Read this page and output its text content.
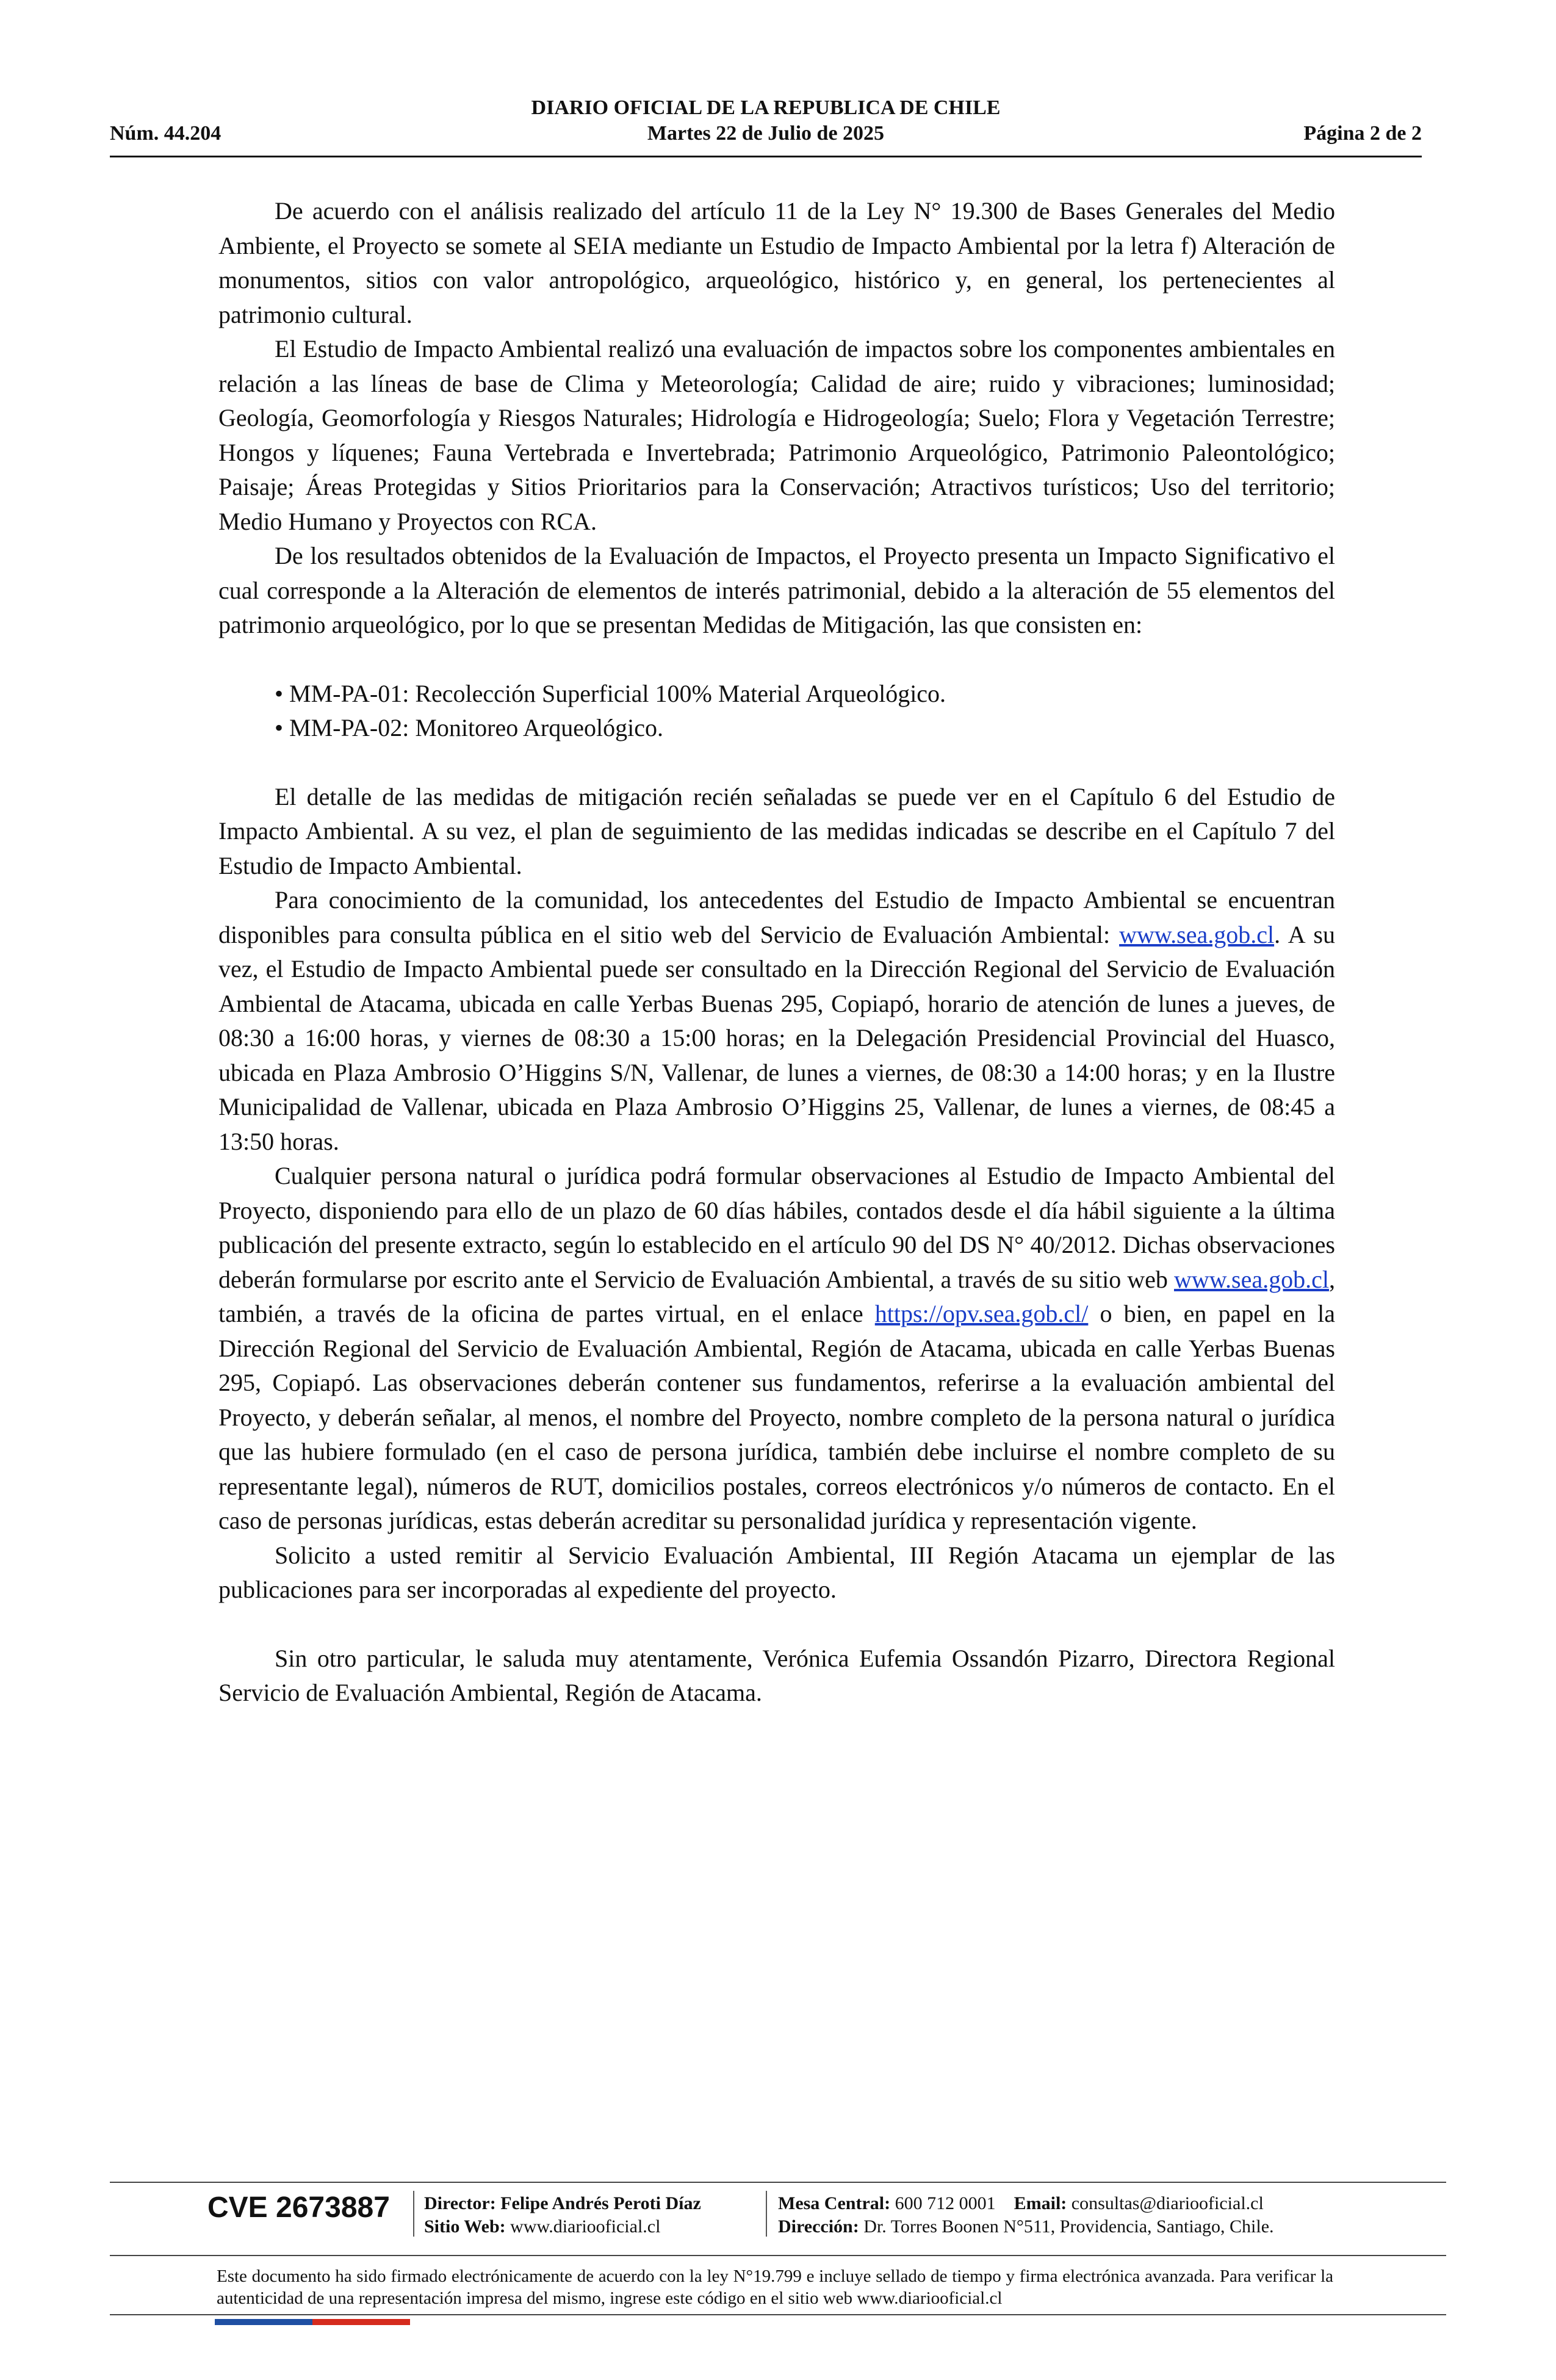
DIARIO OFICIAL DE LA REPUBLICA DE CHILE
Núm. 44.204	Martes 22 de Julio de 2025	Página 2 de 2

De acuerdo con el análisis realizado del artículo 11 de la Ley N° 19.300 de Bases Generales del Medio Ambiente, el Proyecto se somete al SEIA mediante un Estudio de Impacto Ambiental por la letra f) Alteración de monumentos, sitios con valor antropológico, arqueológico, histórico y, en general, los pertenecientes al patrimonio cultural.

El Estudio de Impacto Ambiental realizó una evaluación de impactos sobre los componentes ambientales en relación a las líneas de base de Clima y Meteorología; Calidad de aire; ruido y vibraciones; luminosidad; Geología, Geomorfología y Riesgos Naturales; Hidrología e Hidrogeología; Suelo; Flora y Vegetación Terrestre; Hongos y líquenes; Fauna Vertebrada e Invertebrada; Patrimonio Arqueológico, Patrimonio Paleontológico; Paisaje; Áreas Protegidas y Sitios Prioritarios para la Conservación; Atractivos turísticos; Uso del territorio; Medio Humano y Proyectos con RCA.

De los resultados obtenidos de la Evaluación de Impactos, el Proyecto presenta un Impacto Significativo el cual corresponde a la Alteración de elementos de interés patrimonial, debido a la alteración de 55 elementos del patrimonio arqueológico, por lo que se presentan Medidas de Mitigación, las que consisten en:

• MM-PA-01: Recolección Superficial 100% Material Arqueológico.
• MM-PA-02: Monitoreo Arqueológico.

El detalle de las medidas de mitigación recién señaladas se puede ver en el Capítulo 6 del Estudio de Impacto Ambiental. A su vez, el plan de seguimiento de las medidas indicadas se describe en el Capítulo 7 del Estudio de Impacto Ambiental.

Para conocimiento de la comunidad, los antecedentes del Estudio de Impacto Ambiental se encuentran disponibles para consulta pública en el sitio web del Servicio de Evaluación Ambiental: www.sea.gob.cl. A su vez, el Estudio de Impacto Ambiental puede ser consultado en la Dirección Regional del Servicio de Evaluación Ambiental de Atacama, ubicada en calle Yerbas Buenas 295, Copiapó, horario de atención de lunes a jueves, de 08:30 a 16:00 horas, y viernes de 08:30 a 15:00 horas; en la Delegación Presidencial Provincial del Huasco, ubicada en Plaza Ambrosio O’Higgins S/N, Vallenar, de lunes a viernes, de 08:30 a 14:00 horas; y en la Ilustre Municipalidad de Vallenar, ubicada en Plaza Ambrosio O’Higgins 25, Vallenar, de lunes a viernes, de 08:45 a 13:50 horas.

Cualquier persona natural o jurídica podrá formular observaciones al Estudio de Impacto Ambiental del Proyecto, disponiendo para ello de un plazo de 60 días hábiles, contados desde el día hábil siguiente a la última publicación del presente extracto, según lo establecido en el artículo 90 del DS N° 40/2012. Dichas observaciones deberán formularse por escrito ante el Servicio de Evaluación Ambiental, a través de su sitio web www.sea.gob.cl, también, a través de la oficina de partes virtual, en el enlace https://opv.sea.gob.cl/ o bien, en papel en la Dirección Regional del Servicio de Evaluación Ambiental, Región de Atacama, ubicada en calle Yerbas Buenas 295, Copiapó. Las observaciones deberán contener sus fundamentos, referirse a la evaluación ambiental del Proyecto, y deberán señalar, al menos, el nombre del Proyecto, nombre completo de la persona natural o jurídica que las hubiere formulado (en el caso de persona jurídica, también debe incluirse el nombre completo de su representante legal), números de RUT, domicilios postales, correos electrónicos y/o números de contacto. En el caso de personas jurídicas, estas deberán acreditar su personalidad jurídica y representación vigente.

Solicito a usted remitir al Servicio Evaluación Ambiental, III Región Atacama un ejemplar de las publicaciones para ser incorporadas al expediente del proyecto.

Sin otro particular, le saluda muy atentamente, Verónica Eufemia Ossandón Pizarro, Directora Regional Servicio de Evaluación Ambiental, Región de Atacama.

CVE 2673887 Director: Felipe Andrés Peroti Díaz
Sitio Web: www.diariooficial.cl
Mesa Central: 600 712 0001 Email: consultas@diariooficial.cl
Dirección: Dr. Torres Boonen N°511, Providencia, Santiago, Chile.
Este documento ha sido firmado electrónicamente de acuerdo con la ley N°19.799 e incluye sellado de tiempo y firma electrónica avanzada. Para verificar la autenticidad de una representación impresa del mismo, ingrese este código en el sitio web www.diariooficial.cl
